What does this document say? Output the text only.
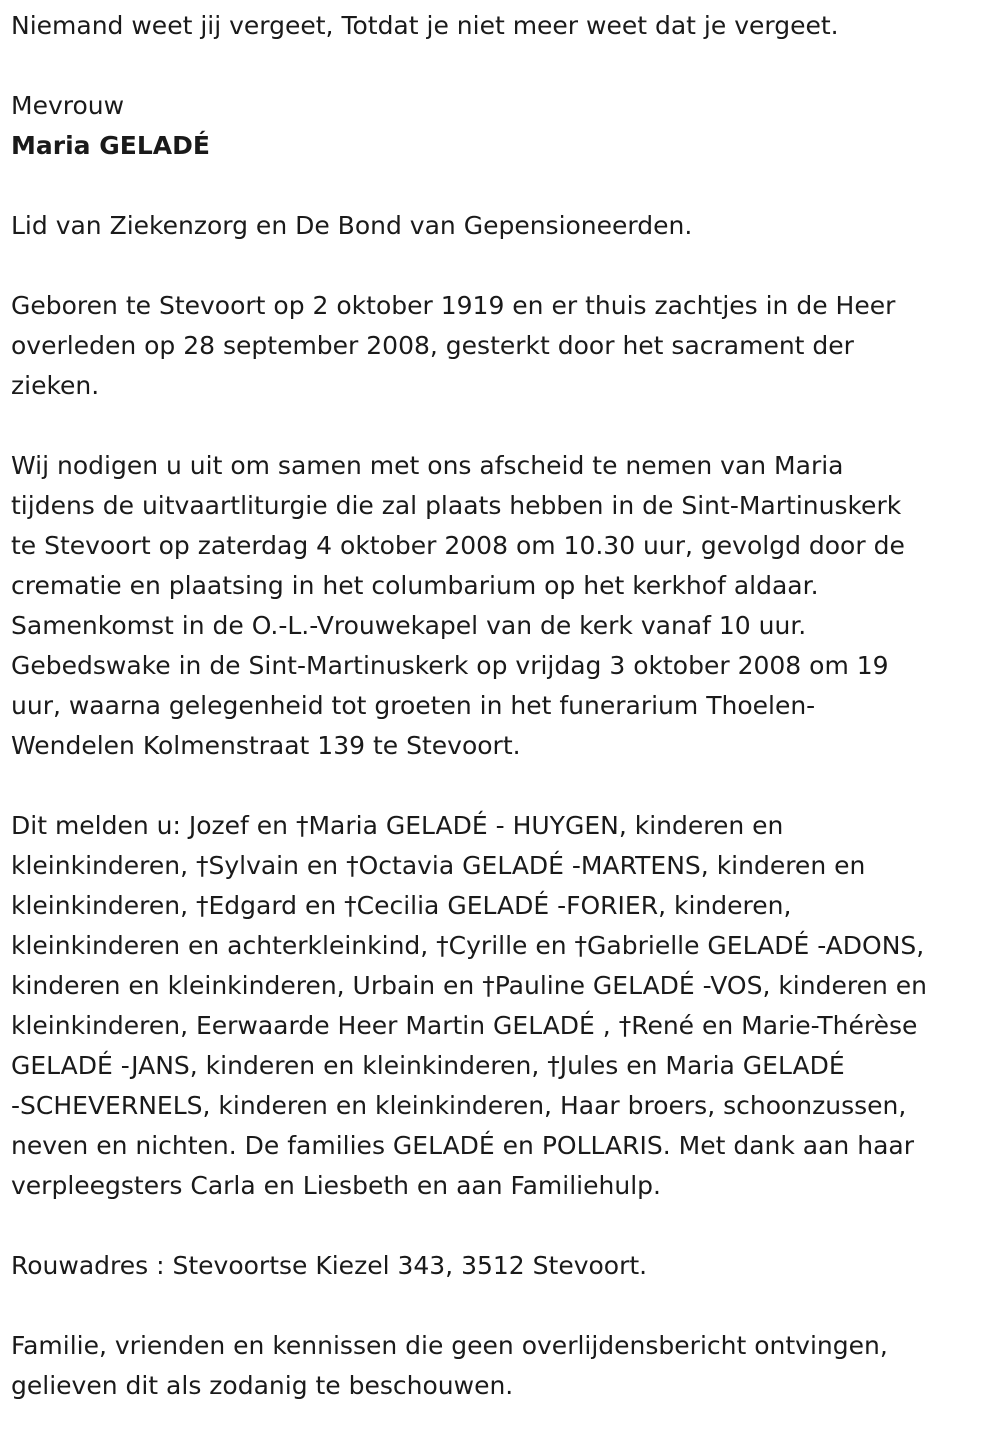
Niemand weet jij vergeet, Totdat je niet meer weet dat je vergeet.
Mevrouw
Maria GELADÉ
Lid van Ziekenzorg en De Bond van Gepensioneerden.
Geboren te Stevoort op 2 oktober 1919 en er thuis zachtjes in de Heer
overleden op 28 september 2008, gesterkt door het sacrament der
zieken.
Wij nodigen u uit om samen met ons afscheid te nemen van Maria
tijdens de uitvaartliturgie die zal plaats hebben in de Sint-Martinuskerk
te Stevoort op zaterdag 4 oktober 2008 om 10.30 uur, gevolgd door de
crematie en plaatsing in het columbarium op het kerkhof aldaar.
Samenkomst in de O.-L.-Vrouwekapel van de kerk vanaf 10 uur.
Gebedswake in de Sint-Martinuskerk op vrijdag 3 oktober 2008 om 19
uur, waarna gelegenheid tot groeten in het funerarium Thoelen-
Wendelen Kolmenstraat 139 te Stevoort.
Dit melden u: Jozef en †Maria GELADÉ - HUYGEN, kinderen en
kleinkinderen, †Sylvain en †Octavia GELADÉ -MARTENS, kinderen en
kleinkinderen, †Edgard en †Cecilia GELADÉ -FORIER, kinderen,
kleinkinderen en achterkleinkind, †Cyrille en †Gabrielle GELADÉ -ADONS,
kinderen en kleinkinderen, Urbain en †Pauline GELADÉ -VOS, kinderen en
kleinkinderen, Eerwaarde Heer Martin GELADÉ , †René en Marie-Thérèse
GELADÉ -JANS, kinderen en kleinkinderen, †Jules en Maria GELADÉ
-SCHEVERNELS, kinderen en kleinkinderen, Haar broers, schoonzussen,
neven en nichten. De families GELADÉ en POLLARIS. Met dank aan haar
verpleegsters Carla en Liesbeth en aan Familiehulp.
Rouwadres : Stevoortse Kiezel 343, 3512 Stevoort.
Familie, vrienden en kennissen die geen overlijdensbericht ontvingen,
gelieven dit als zodanig te beschouwen.
